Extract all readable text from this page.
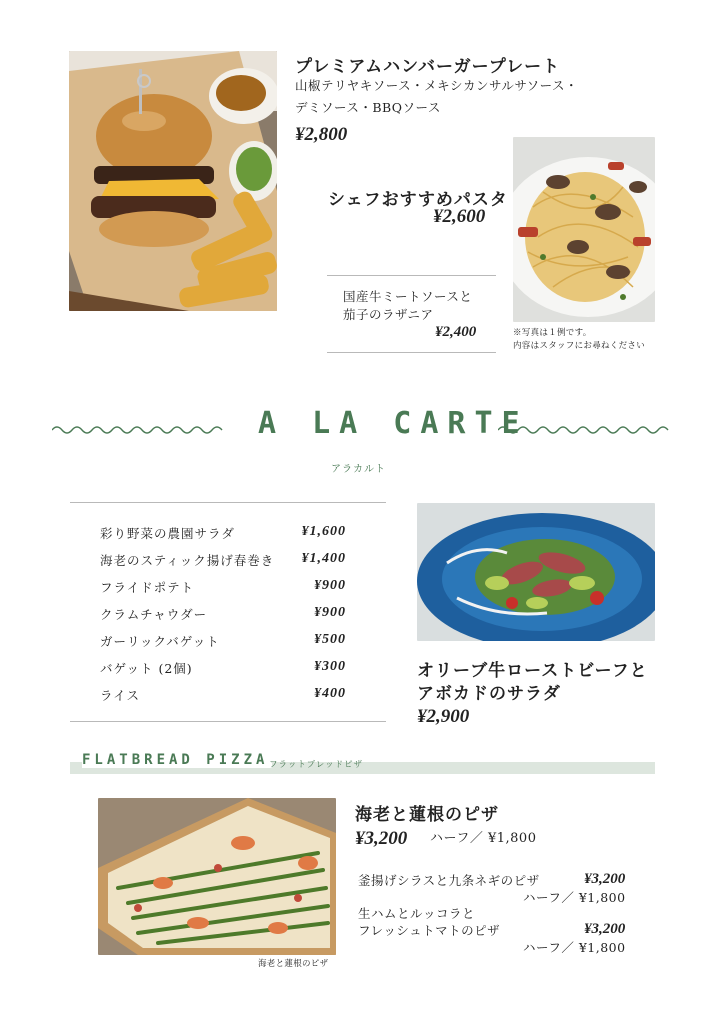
プレミアムハンバーガープレート
山椒テリヤキソース・メキシカンサルサソース・
デミソース・BBQソース
¥2,800
シェフおすすめパスタ
¥2,600
※写真は１例です。
内容はスタッフにお尋ねください
国産牛ミートソースと
茄子のラザニア
¥2,400
A LA CARTE
アラカルト
彩り野菜の農園サラダ	¥1,600
海老のスティック揚げ春巻き ¥1,400
フライドポテト	¥900
クラムチャウダー	¥900
ガーリックバゲット	¥500
バゲット (2個)	¥300
ライス	¥400
オリーブ牛ローストビーフと
アボカドのサラダ
¥2,900
FLATBREAD PIZZA フラットブレッドピザ
海老と蓮根のピザ
海老と蓮根のピザ
¥3,200 ハーフ／ ¥1,800
釜揚げシラスと九条ネギのピザ	¥3,200
ハーフ／ ¥1,800
生ハムとルッコラと
フレッシュトマトのピザ	¥3,200
ハーフ／ ¥1,800
